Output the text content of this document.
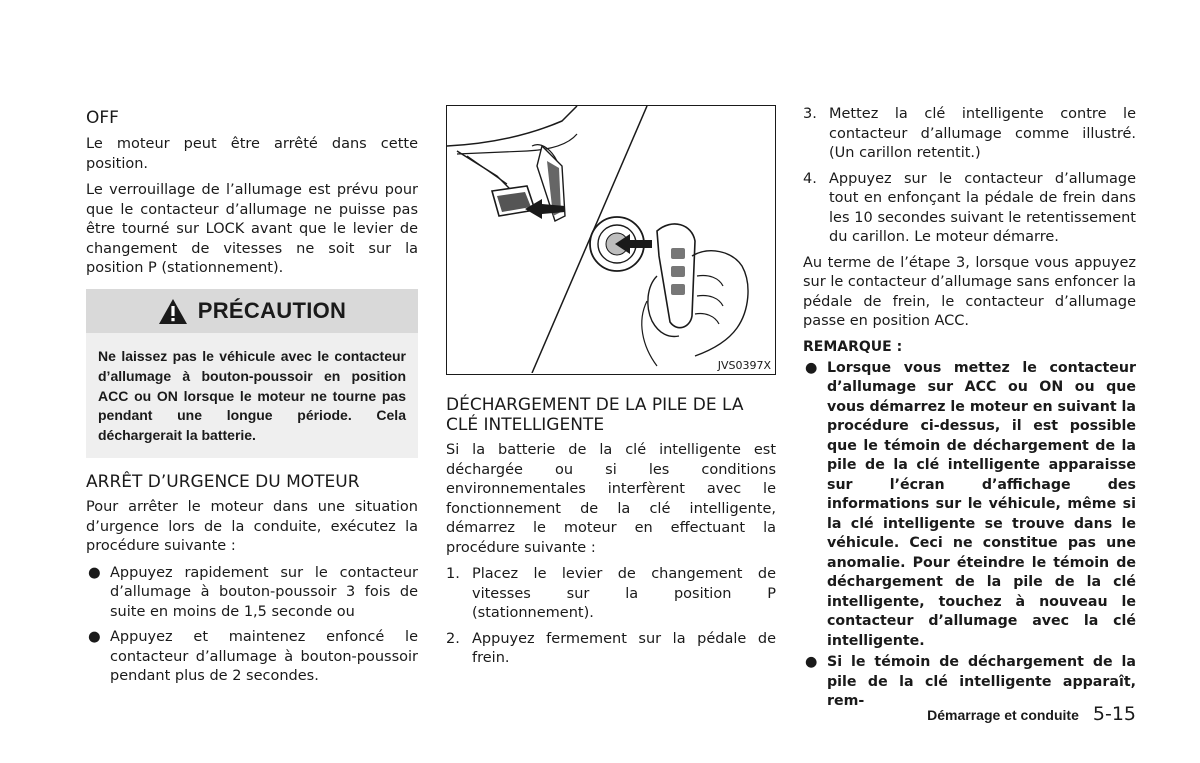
OFF

Le moteur peut être arrêté dans cette position.

Le verrouillage de l’allumage est prévu pour que le contacteur d’allumage ne puisse pas être tourné sur LOCK avant que le levier de changement de vitesses ne soit sur la position P (stationnement).

PRÉCAUTION
Ne laissez pas le véhicule avec le contacteur d’allumage à bouton-poussoir en position ACC ou ON lorsque le moteur ne tourne pas pendant une longue période. Cela déchargerait la batterie.
ARRÊT D’URGENCE DU MOTEUR

Pour arrêter le moteur dans une situation d’urgence lors de la conduite, exécutez la procédure suivante :

● Appuyez rapidement sur le contacteur d’allumage à bouton-poussoir 3 fois de suite en moins de 1,5 seconde ou
● Appuyez et maintenez enfoncé le contacteur d’allumage à bouton-poussoir pendant plus de 2 secondes.
JVS0397X
DÉCHARGEMENT DE LA PILE DE LA CLÉ INTELLIGENTE

Si la batterie de la clé intelligente est déchargée ou si les conditions environnementales interfèrent avec le fonctionnement de la clé intelligente, démarrez le moteur en effectuant la procédure suivante :

1. Placez le levier de changement de vitesses sur la position P (stationnement).
2. Appuyez fermement sur la pédale de frein.
3. Mettez la clé intelligente contre le contacteur d’allumage comme illustré. (Un carillon retentit.)
4. Appuyez sur le contacteur d’allumage tout en enfonçant la pédale de frein dans les 10 secondes suivant le retentissement du carillon. Le moteur démarre.

Au terme de l’étape 3, lorsque vous appuyez sur le contacteur d’allumage sans enfoncer la pédale de frein, le contacteur d’allumage passe en position ACC.

REMARQUE :
● Lorsque vous mettez le contacteur d’allumage sur ACC ou ON ou que vous démarrez le moteur en suivant la procédure ci-dessus, il est possible que le témoin de déchargement de la pile de la clé intelligente apparaisse sur l’écran d’affichage des informations sur le véhicule, même si la clé intelligente se trouve dans le véhicule. Ceci ne constitue pas une anomalie. Pour éteindre le témoin de déchargement de la pile de la clé intelligente, touchez à nouveau le contacteur d’allumage avec la clé intelligente.
● Si le témoin de déchargement de la pile de la clé intelligente apparaît, rem-
Démarrage et conduite 5-15
